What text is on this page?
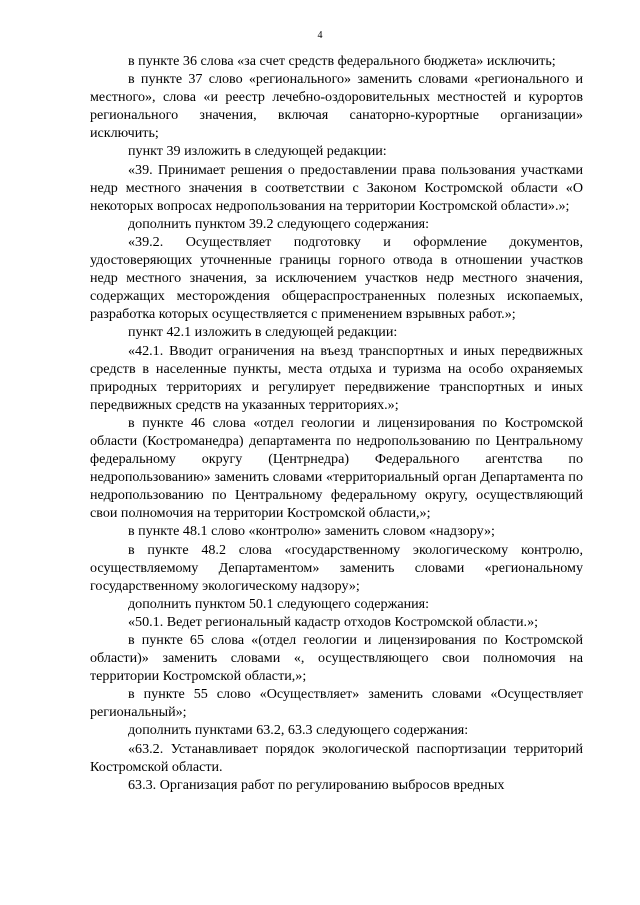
4

в пункте 36 слова «за счет средств федерального бюджета» исключить;

в пункте 37 слово «регионального» заменить словами «регионального и местного», слова «и реестр лечебно-оздоровительных местностей и курортов регионального значения, включая санаторно-курортные организации» исключить;

пункт 39 изложить в следующей редакции:

«39. Принимает решения о предоставлении права пользования участками недр местного значения в соответствии с Законом Костромской области «О некоторых вопросах недропользования на территории Костромской области».»;

дополнить пунктом 39.2 следующего содержания:

«39.2. Осуществляет подготовку и оформление документов, удостоверяющих уточненные границы горного отвода в отношении участков недр местного значения, за исключением участков недр местного значения, содержащих месторождения общераспространенных полезных ископаемых, разработка которых осуществляется с применением взрывных работ.»;

пункт 42.1 изложить в следующей редакции:

«42.1. Вводит ограничения на въезд транспортных и иных передвижных средств в населенные пункты, места отдыха и туризма на особо охраняемых природных территориях и регулирует передвижение транспортных и иных передвижных средств на указанных территориях.»;

в пункте 46 слова «отдел геологии и лицензирования по Костромской области (Костроманедра) департамента по недропользованию по Центральному федеральному округу (Центрнедра) Федерального агентства по недропользованию» заменить словами «территориальный орган Департамента по недропользованию по Центральному федеральному округу, осуществляющий свои полномочия на территории Костромской области,»;

в пункте 48.1 слово «контролю» заменить словом «надзору»;

в пункте 48.2 слова «государственному экологическому контролю, осуществляемому Департаментом» заменить словами «региональному государственному экологическому надзору»;

дополнить пунктом 50.1 следующего содержания:

«50.1. Ведет региональный кадастр отходов Костромской области.»;

в пункте 65 слова «(отдел геологии и лицензирования по Костромской области)» заменить словами «, осуществляющего свои полномочия на территории Костромской области,»;

в пункте 55 слово «Осуществляет» заменить словами «Осуществляет региональный»;

дополнить пунктами 63.2, 63.3 следующего содержания:

«63.2. Устанавливает порядок экологической паспортизации территорий Костромской области.

63.3. Организация работ по регулированию выбросов вредных
